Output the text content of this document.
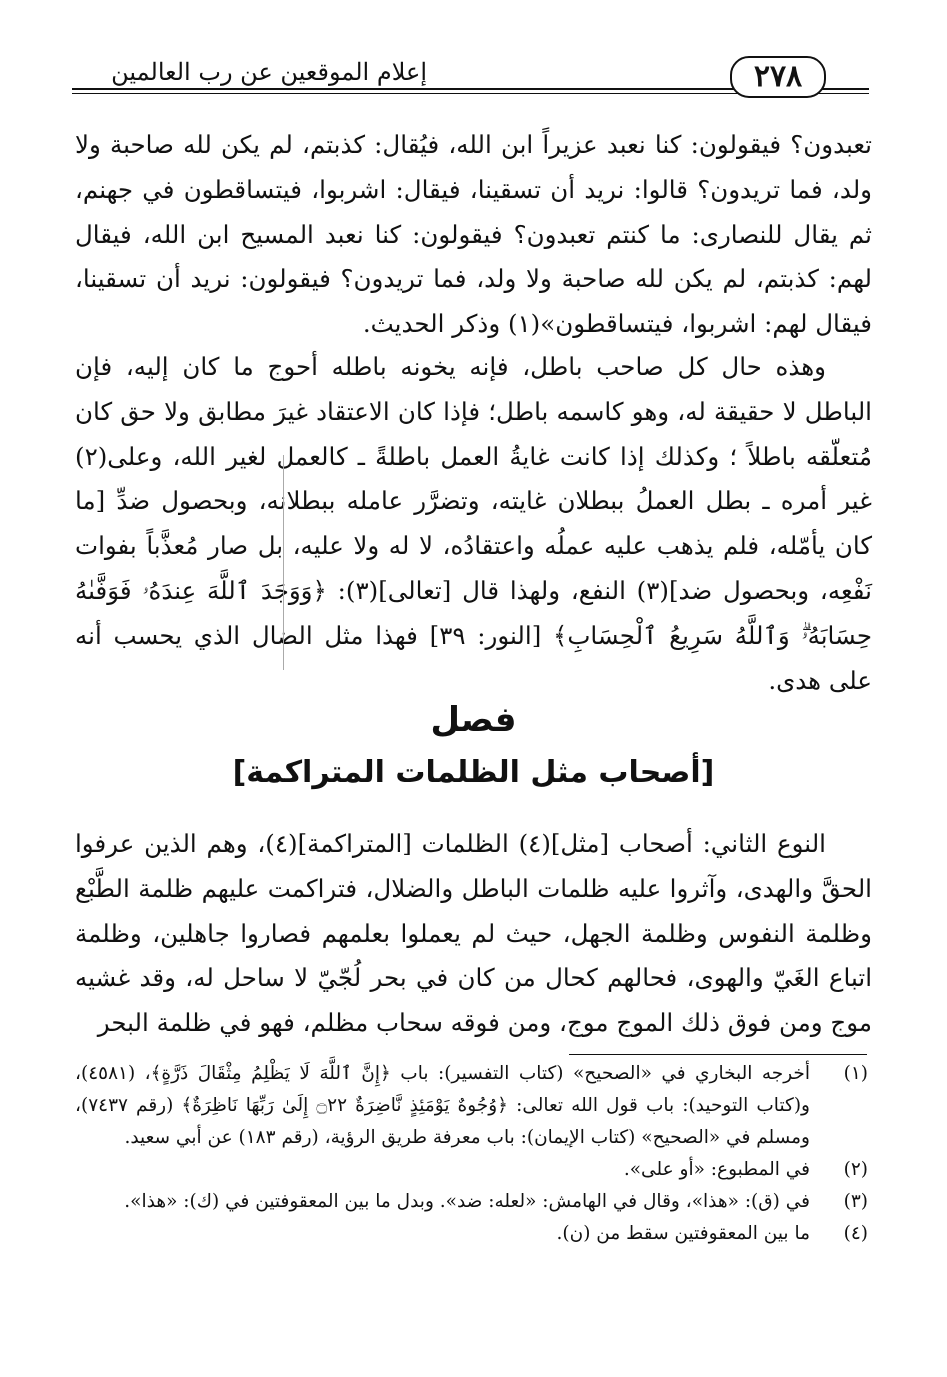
إعلام الموقعين عن رب العالمين	٢٧٨
تعبدون؟ فيقولون: كنا نعبد عزيراً ابن الله، فيُقال: كذبتم، لم يكن لله صاحبة ولا ولد، فما تريدون؟ قالوا: نريد أن تسقينا، فيقال: اشربوا، فيتساقطون في جهنم، ثم يقال للنصارى: ما كنتم تعبدون؟ فيقولون: كنا نعبد المسيح ابن الله، فيقال لهم: كذبتم، لم يكن لله صاحبة ولا ولد، فما تريدون؟ فيقولون: نريد أن تسقينا، فيقال لهم: اشربوا، فيتساقطون»(١) وذكر الحديث.
وهذه حال كل صاحب باطل، فإنه يخونه باطله أحوج ما كان إليه، فإن الباطل لا حقيقة له، وهو كاسمه باطل؛ فإذا كان الاعتقاد غيرَ مطابق ولا حق كان مُتعلّقه باطلاً ؛ وكذلك إذا كانت غايةُ العمل باطلةً ـ كالعمل لغير الله، وعلى(٢) غير أمره ـ بطل العملُ ببطلان غايته، وتضرَّر عامله ببطلانه، وبحصول ضدِّ [ما كان يأمّله، فلم يذهب عليه عملُه واعتقادُه، لا له ولا عليه، بل صار مُعذَّباً بفوات نَفْعِه، وبحصول ضد](٣) النفع، ولهذا قال [تعالى](٣): ﴿وَوَجَدَ ٱللَّهَ عِندَهُۥ فَوَفَّىٰهُ حِسَابَهُۥۗ وَٱللَّهُ سَرِيعُ ٱلْحِسَابِ﴾ [النور: ٣٩] فهذا مثل الضال الذي يحسب أنه على هدى.
فصل
[أصحاب مثل الظلمات المتراكمة]
النوع الثاني: أصحاب [مثل](٤) الظلمات [المتراكمة](٤)، وهم الذين عرفوا الحقَّ والهدى، وآثروا عليه ظلمات الباطل والضلال، فتراكمت عليهم ظلمة الطَّبْع وظلمة النفوس وظلمة الجهل، حيث لم يعملوا بعلمهم فصاروا جاهلين، وظلمة اتباع الغَيّ والهوى، فحالهم كحال من كان في بحر لُجّيّ لا ساحل له، وقد غشيه موج ومن فوق ذلك الموج موج، ومن فوقه سحاب مظلم، فهو في ظلمة البحر
(١)
أخرجه البخاري في «الصحيح» (كتاب التفسير): باب ﴿إِنَّ ٱللَّهَ لَا يَظْلِمُ مِثْقَالَ ذَرَّةٍ﴾، (٤٥٨١)، و(كتاب التوحيد): باب قول الله تعالى: ﴿وُجُوهٌ يَوْمَئِذٍ نَّاضِرَةٌ ۝٢٢ إِلَىٰ رَبِّهَا نَاظِرَةٌ﴾ (رقم ٧٤٣٧)، ومسلم في «الصحيح» (كتاب الإيمان): باب معرفة طريق الرؤية، (رقم ١٨٣) عن أبي سعيد.
(٢)
في المطبوع: «أو على».
(٣)
في (ق): «هذا»، وقال في الهامش: «لعله: ضد». وبدل ما بين المعقوفتين في (ك): «هذا».
(٤)
ما بين المعقوفتين سقط من (ن).
